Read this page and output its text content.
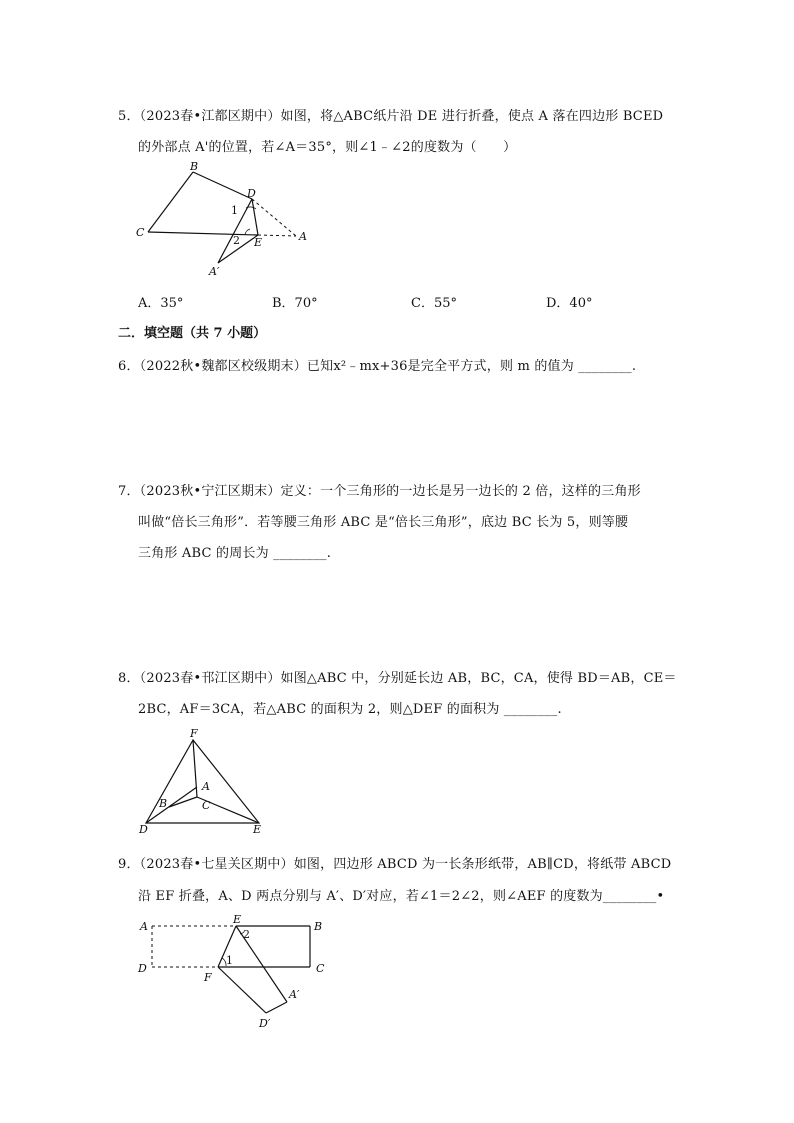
5．（2023春•江都区期中）如图，将△ABC纸片沿 DE 进行折叠，使点 A 落在四边形 BCED
的外部点 A'的位置，若∠A＝35°，则∠1﹣∠2的度数为（　　）
B
D
C	A
E
A′
1
2
F
A
B	C
D	E
A
E
B
D	C
F
A′
D′
1
2
A．35°	B．70°	C．55°	D．40°
二．填空题（共 7 小题）
6．（2022秋•魏都区校级期末）已知x²﹣mx+36是完全平方式，则 m 的值为 ________.
7．（2023秋•宁江区期末）定义：一个三角形的一边长是另一边长的 2 倍，这样的三角形
叫做“倍长三角形”．若等腰三角形 ABC 是“倍长三角形”，底边 BC 长为 5，则等腰
三角形 ABC 的周长为 ________.
8．（2023春•邗江区期中）如图△ABC 中，分别延长边 AB，BC，CA，使得 BD＝AB，CE＝
2BC，AF＝3CA，若△ABC 的面积为 2，则△DEF 的面积为 ________.
9．（2023春•七星关区期中）如图，四边形 ABCD 为一长条形纸带，AB∥CD，将纸带 ABCD
沿 EF 折叠，A、D 两点分别与 A′、D′对应，若∠1＝2∠2，则∠AEF 的度数为________•
